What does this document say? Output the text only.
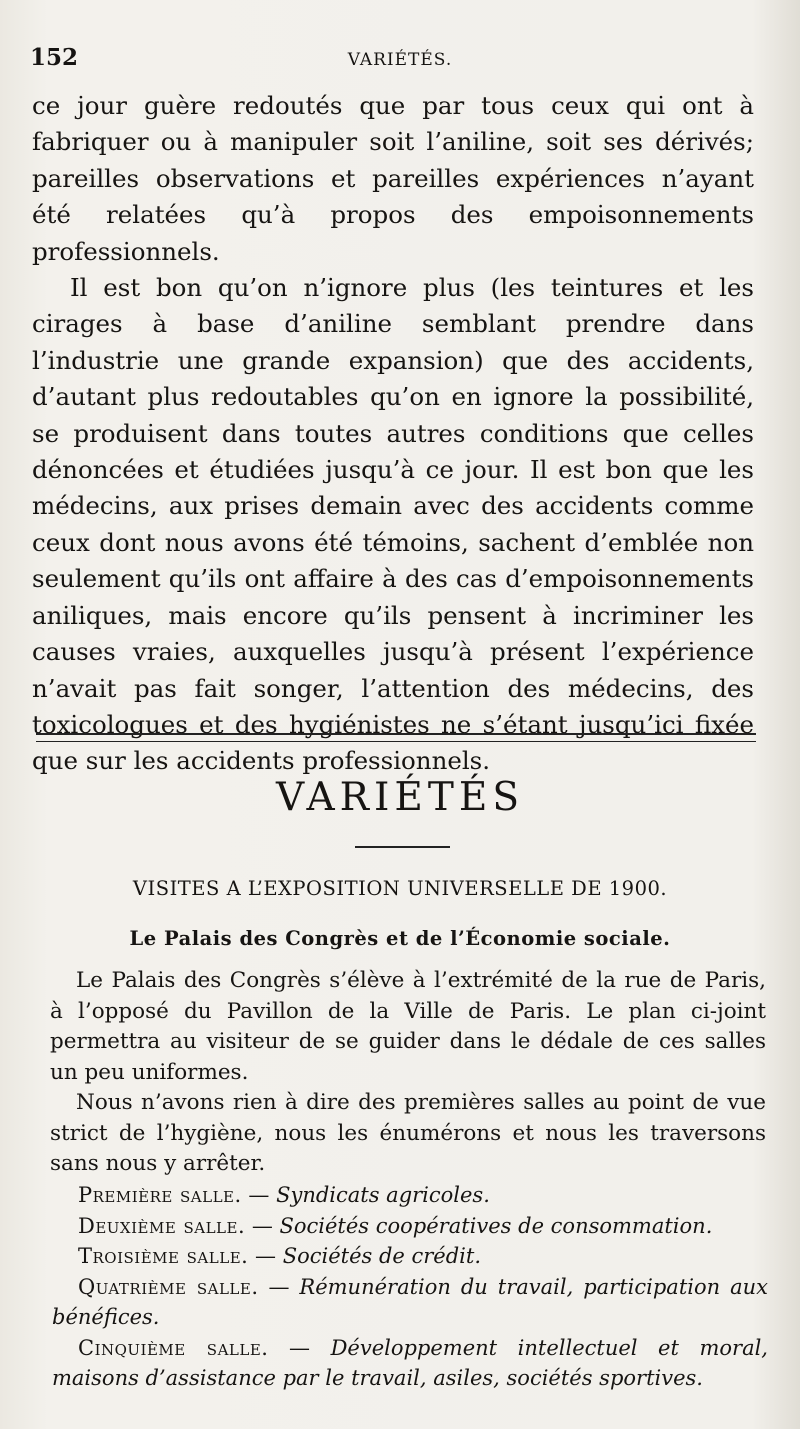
152	VARIÉTÉS.

ce jour guère redoutés que par tous ceux qui ont à fabriquer ou à manipuler soit l’aniline, soit ses dérivés; pareilles observations et pareilles expériences n’ayant été relatées qu’à propos des empoisonnements professionnels.

Il est bon qu’on n’ignore plus (les teintures et les cirages à base d’aniline semblant prendre dans l’industrie une grande expansion) que des accidents, d’autant plus redoutables qu’on en ignore la possibilité, se produisent dans toutes autres conditions que celles dénoncées et étudiées jusqu’à ce jour. Il est bon que les médecins, aux prises demain avec des accidents comme ceux dont nous avons été témoins, sachent d’emblée non seulement qu’ils ont affaire à des cas d’empoisonnements aniliques, mais encore qu’ils pensent à incriminer les causes vraies, auxquelles jusqu’à présent l’expérience n’avait pas fait songer, l’attention des médecins, des toxicologues et des hygiénistes ne s’étant jusqu’ici fixée que sur les accidents professionnels.

VARIÉTÉS
VISITES A L’EXPOSITION UNIVERSELLE DE 1900.
Le Palais des Congrès et de l’Économie sociale.

Le Palais des Congrès s’élève à l’extrémité de la rue de Paris, à l’opposé du Pavillon de la Ville de Paris. Le plan ci-joint permettra au visiteur de se guider dans le dédale de ces salles un peu uniformes.

Nous n’avons rien à dire des premières salles au point de vue strict de l’hygiène, nous les énumérons et nous les traversons sans nous y arrêter.

Première salle. — Syndicats agricoles.

Deuxième salle. — Sociétés coopératives de consommation.

Troisième salle. — Sociétés de crédit.

Quatrième salle. — Rémunération du travail, participation aux bénéfices.

Cinquième salle. — Développement intellectuel et moral, maisons d’assistance par le travail, asiles, sociétés sportives.
